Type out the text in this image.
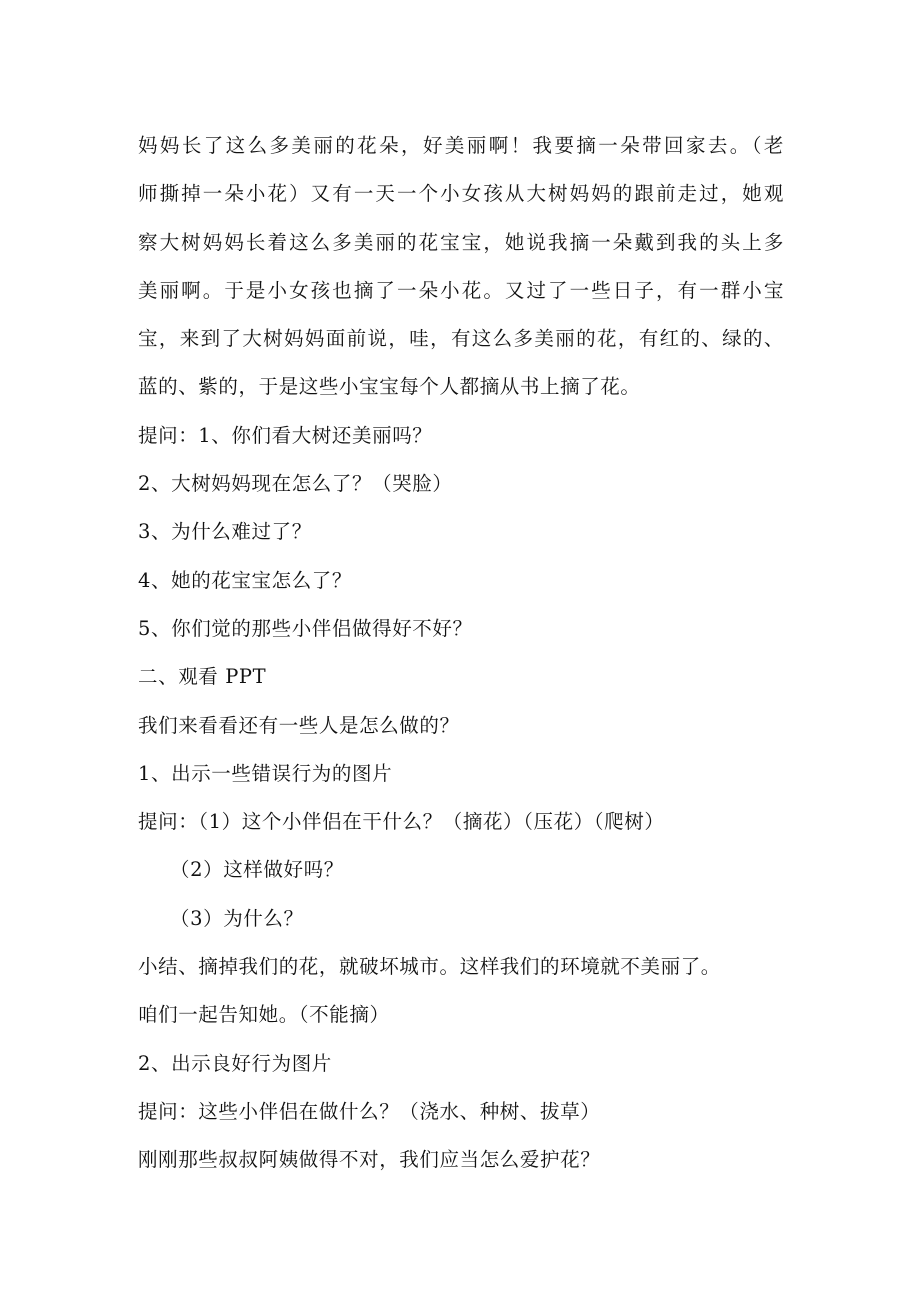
妈妈长了这么多美丽的花朵，好美丽啊！我要摘一朵带回家去。（老
师撕掉一朵小花）又有一天一个小女孩从大树妈妈的跟前走过，她观
察大树妈妈长着这么多美丽的花宝宝，她说我摘一朵戴到我的头上多
美丽啊。于是小女孩也摘了一朵小花。又过了一些日子，有一群小宝
宝，来到了大树妈妈面前说，哇，有这么多美丽的花，有红的、绿的、
蓝的、紫的，于是这些小宝宝每个人都摘从书上摘了花。
提问：1、你们看大树还美丽吗？
2、大树妈妈现在怎么了？（哭脸）
3、为什么难过了？
4、她的花宝宝怎么了？
5、你们觉的那些小伴侣做得好不好？
二、观看 PPT
我们来看看还有一些人是怎么做的？
1、出示一些错误行为的图片
提问：（1）这个小伴侣在干什么？（摘花）（压花）（爬树）
（2）这样做好吗？
（3）为什么？
小结、摘掉我们的花，就破坏城市。这样我们的环境就不美丽了。
咱们一起告知她。（不能摘）
2、出示良好行为图片
提问：这些小伴侣在做什么？（浇水、种树、拔草）
刚刚那些叔叔阿姨做得不对，我们应当怎么爱护花？
